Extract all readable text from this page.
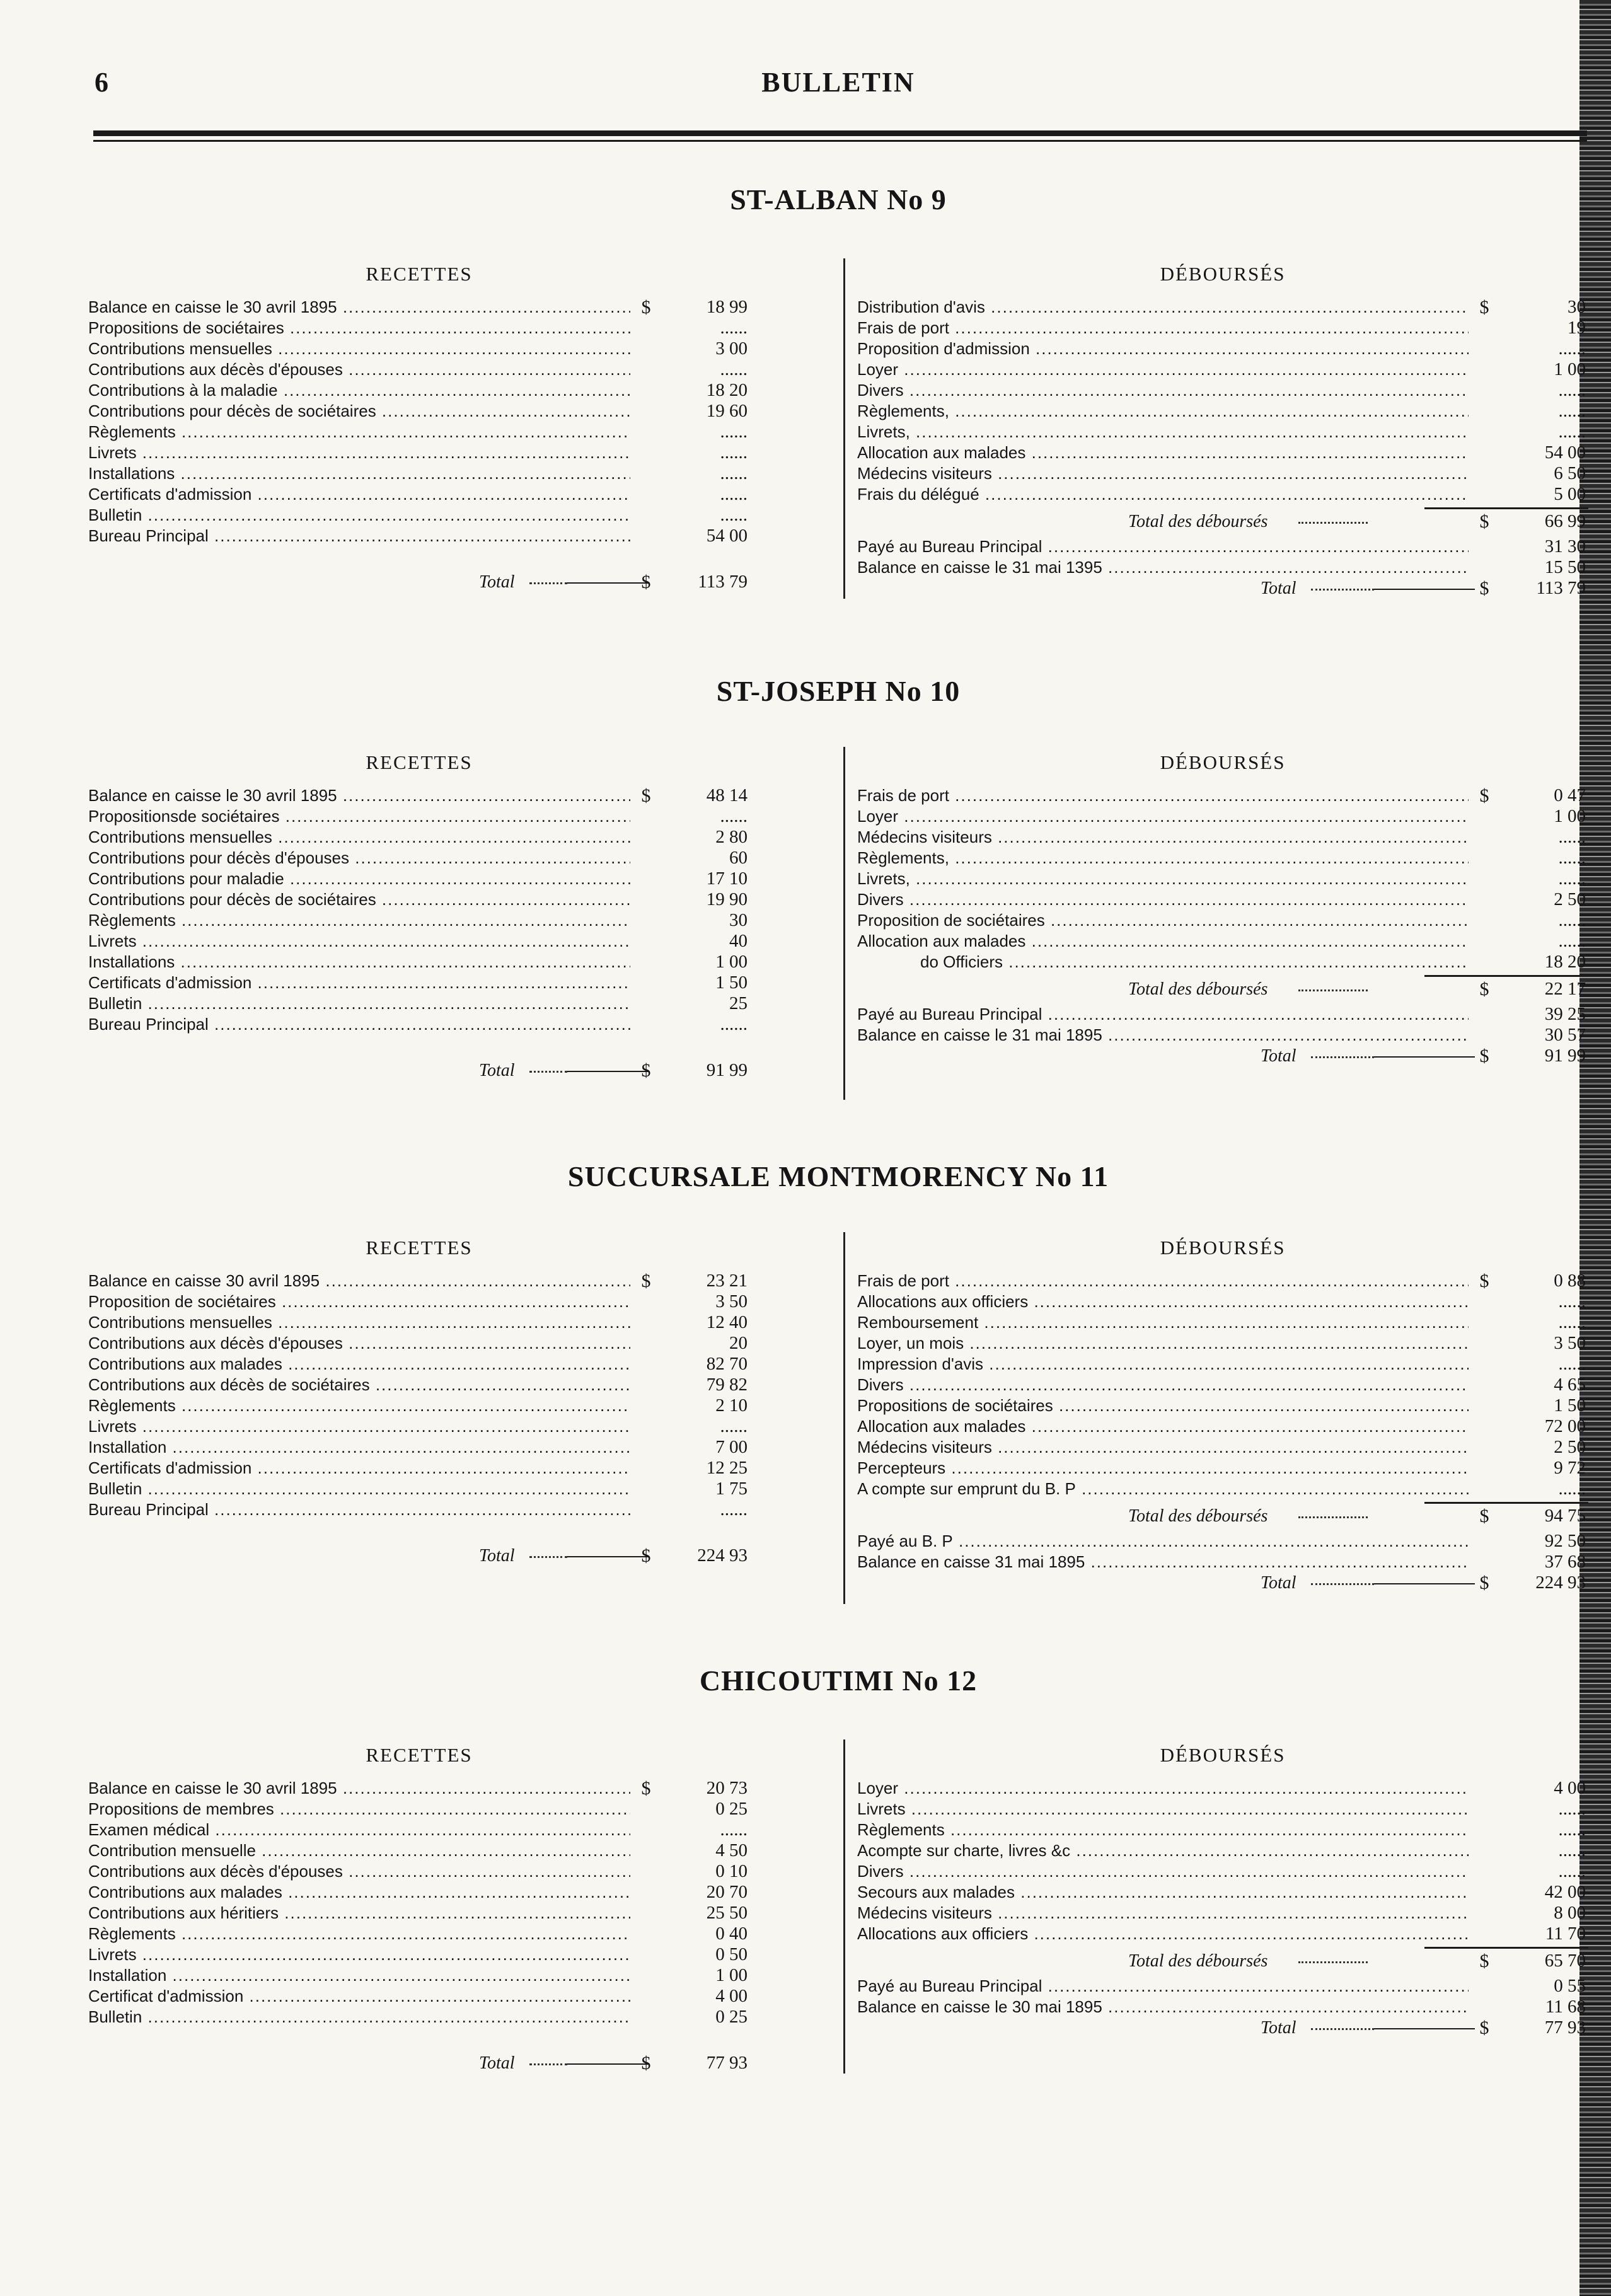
6	BULLETIN
ST-ALBAN No 9
RECETTES
Balance en caisse le 30 avril 1895 .....	$	18 99
Propositions de sociétaires .....	......
Contributions mensuelles .....	3 00
Contributions aux décès d'épouses .....	......
Contributions à la maladie .....	18 20
Contributions pour décès de sociétaires .....	19 60
Règlements .....	......
Livrets .....	......
Installations .....	......
Certificats d'admission .....	......
Bulletin .....	......
Bureau Principal .....	54 00
Total	$	113 79
DÉBOURSÉS
Distribution d'avis .....	$	30
Frais de port .....	19
Proposition d'admission .....	......
Loyer .....	1 00
Divers .....	......
Règlements, .....	......
Livrets, .....	......
Allocation aux malades .....	54 00
Médecins visiteurs .....	6 50
Frais du délégué .....	5 00
Total des déboursés	$	66 99
Payé au Bureau Principal .....	31 30
Balance en caisse le 31 mai 1395 .....	15 50
Total	$	113 79
ST-JOSEPH No 10
RECETTES
Balance en caisse le 30 avril 1895 .....	$	48 14
Propositionsde sociétaires .....	......
Contributions mensuelles .....	2 80
Contributions pour décès d'épouses .....	60
Contributions pour maladie .....	17 10
Contributions pour décès de sociétaires .....	19 90
Règlements .....	30
Livrets .....	40
Installations .....	1 00
Certificats d'admission .....	1 50
Bulletin .....	25
Bureau Principal .....	......
Total	$	91 99
DÉBOURSÉS
Frais de port .....	$	0 47
Loyer .....	1 00
Médecins visiteurs .....	......
Règlements, .....	......
Livrets, .....	......
Divers .....	2 50
Proposition de sociétaires .....	......
Allocation aux malades .....	......
do Officiers .....	18 20
Total des déboursés	$	22 17
Payé au Bureau Principal .....	39 25
Balance en caisse le 31 mai 1895 .....	30 57
Total	$	91 99
SUCCURSALE MONTMORENCY No 11
RECETTES
Balance en caisse 30 avril 1895 .....	$	23 21
Proposition de sociétaires .....	3 50
Contributions mensuelles .....	12 40
Contributions aux décès d'épouses .....	20
Contributions aux malades .....	82 70
Contributions aux décès de sociétaires .....	79 82
Règlements .....	2 10
Livrets .....	......
Installation .....	7 00
Certificats d'admission .....	12 25
Bulletin .....	1 75
Bureau Principal .....	......
Total	$	224 93
DÉBOURSÉS
Frais de port .....	$	0 88
Allocations aux officiers .....	......
Remboursement .....	......
Loyer, un mois .....	3 50
Impression d'avis .....	......
Divers .....	4 65
Propositions de sociétaires .....	1 50
Allocation aux malades .....	72 00
Médecins visiteurs .....	2 50
Percepteurs .....	9 72
A compte sur emprunt du B. P .....	......
Total des déboursés	$	94 75
Payé au B. P .....	92 50
Balance en caisse 31 mai 1895 .....	37 68
Total	$	224 93
CHICOUTIMI No 12
RECETTES
Balance en caisse le 30 avril 1895 .....	$	20 73
Propositions de membres .....	0 25
Examen médical .....	......
Contribution mensuelle .....	4 50
Contributions aux décès d'épouses .....	0 10
Contributions aux malades .....	20 70
Contributions aux héritiers .....	25 50
Règlements .....	0 40
Livrets .....	0 50
Installation .....	1 00
Certificat d'admission .....	4 00
Bulletin .....	0 25
Total	$	77 93
DÉBOURSÉS
Loyer .....	4 00
Livrets .....	......
Règlements .....	......
Acompte sur charte, livres &c .....	......
Divers .....	......
Secours aux malades .....	42 00
Médecins visiteurs .....	8 00
Allocations aux officiers .....	11 70
Total des déboursés	$	65 70
Payé au Bureau Principal .....	0 55
Balance en caisse le 30 mai 1895 .....	11 68
Total	$	77 93
